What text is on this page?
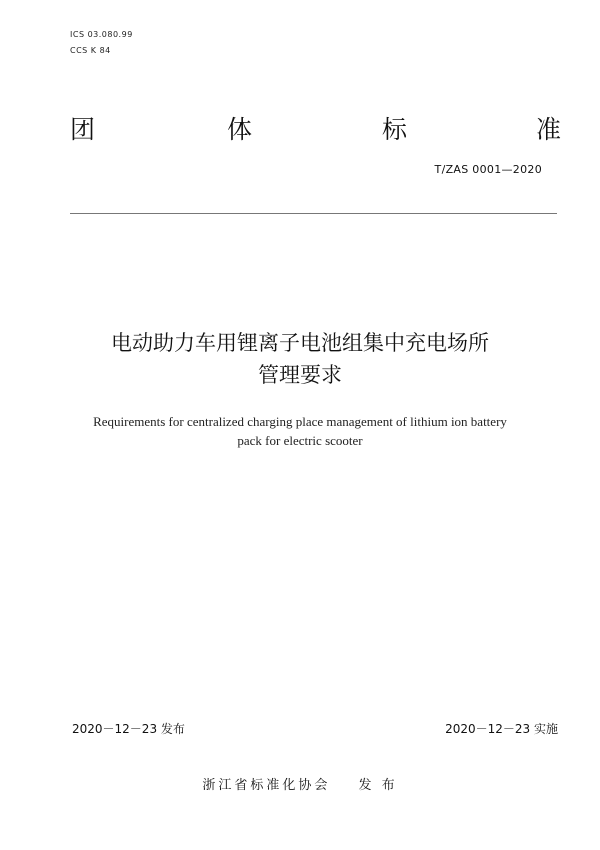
ICS 03.080.99
CCS K 84
团	体	标	准
T/ZAS 0001—2020
电动助力车用锂离子电池组集中充电场所
管理要求
Requirements for centralized charging place management of lithium ion battery
pack for electric scooter
2020－12－23 发布	2020－12－23 实施
浙江省标准化协会 发 布
